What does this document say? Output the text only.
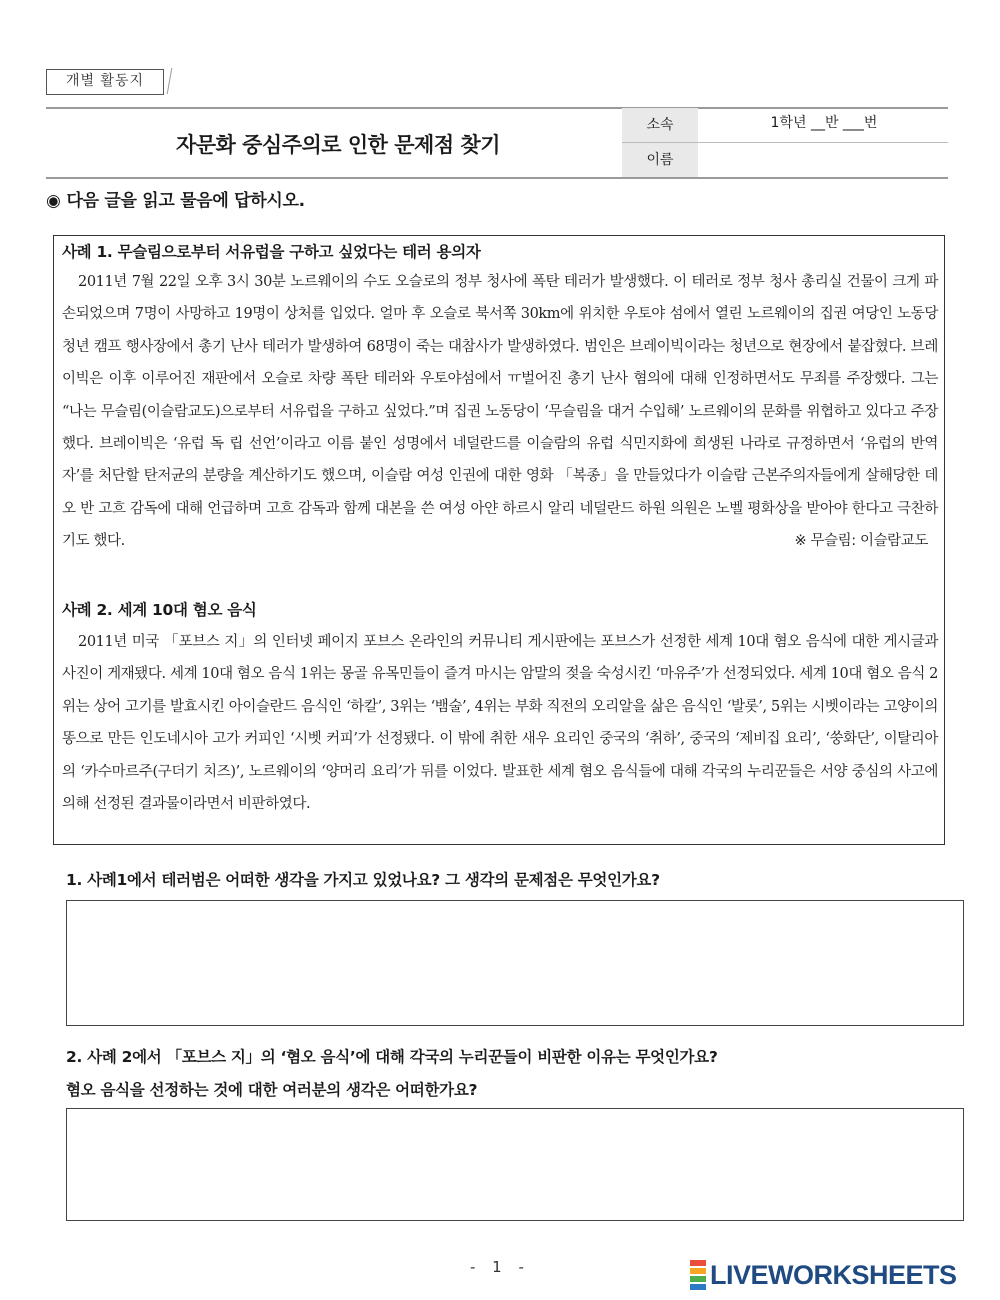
개별 활동지
자문화 중심주의로 인한 문제점 찾기
소속	1학년 __반 ___번
이름
◉ 다음 글을 읽고 물음에 답하시오.
사례 1. 무슬림으로부터 서유럽을 구하고 싶었다는 테러 용의자
2011년 7월 22일 오후 3시 30분 노르웨이의 수도 오슬로의 정부 청사에 폭탄 테러가 발생했다. 이 테러로 정부 청사 총리실 건물이 크게 파손되었으며 7명이 사망하고 19명이 상처를 입었다. 얼마 후 오슬로 북서쪽 30km에 위치한 우토야 섬에서 열린 노르웨이의 집권 여당인 노동당 청년 캠프 행사장에서 총기 난사 테러가 발생하여 68명이 죽는 대참사가 발생하였다. 범인은 브레이빅이라는 청년으로 현장에서 붙잡혔다. 브레이빅은 이후 이루어진 재판에서 오슬로 차량 폭탄 테러와 우토야섬에서 ㅠ벌어진 총기 난사 혐의에 대해 인정하면서도 무죄를 주장했다. 그는 “나는 무슬림(이슬람교도)으로부터 서유럽을 구하고 싶었다.”며 집권 노동당이 ‘무슬림을 대거 수입해’ 노르웨이의 문화를 위협하고 있다고 주장했다. 브레이빅은 ‘유럽 독 립 선언’이라고 이름 붙인 성명에서 네덜란드를 이슬람의 유럽 식민지화에 희생된 나라로 규정하면서 ‘유럽의 반역자’를 처단할 탄저균의 분량을 계산하기도 했으며, 이슬람 여성 인권에 대한 영화 「복종」을 만들었다가 이슬람 근본주의자들에게 살해당한 데오 반 고흐 감독에 대해 언급하며 고흐 감독과 함께 대본을 쓴 여성 아얀 하르시 알리 네덜란드 하원 의원은 노벨 평화상을 받아야 한다고 극찬하기도 했다.	※ 무슬림: 이슬람교도
사례 2. 세계 10대 혐오 음식
2011년 미국 「포브스 지」의 인터넷 페이지 포브스 온라인의 커뮤니티 게시판에는 포브스가 선정한 세계 10대 혐오 음식에 대한 게시글과 사진이 게재됐다. 세계 10대 혐오 음식 1위는 몽골 유목민들이 즐겨 마시는 암말의 젖을 숙성시킨 ‘마유주’가 선정되었다. 세계 10대 혐오 음식 2위는 상어 고기를 발효시킨 아이슬란드 음식인 ‘하칼’, 3위는 ‘뱀술’, 4위는 부화 직전의 오리알을 삶은 음식인 ‘발롯’, 5위는 시벳이라는 고양이의 똥으로 만든 인도네시아 고가 커피인 ‘시벳 커피’가 선정됐다. 이 밖에 취한 새우 요리인 중국의 ‘취하’, 중국의 ‘제비집 요리’, ‘쑹화단’, 이탈리아의 ‘카수마르주(구더기 치즈)’, 노르웨이의 ‘양머리 요리’가 뒤를 이었다. 발표한 세계 혐오 음식들에 대해 각국의 누리꾼들은 서양 중심의 사고에 의해 선정된 결과물이라면서 비판하였다.
1. 사례1에서 테러범은 어떠한 생각을 가지고 있었나요? 그 생각의 문제점은 무엇인가요?
2. 사례 2에서 「포브스 지」의 ‘혐오 음식’에 대해 각국의 누리꾼들이 비판한 이유는 무엇인가요?
혐오 음식을 선정하는 것에 대한 여러분의 생각은 어떠한가요?
- 1 -	LIVEWORKSHEETS
